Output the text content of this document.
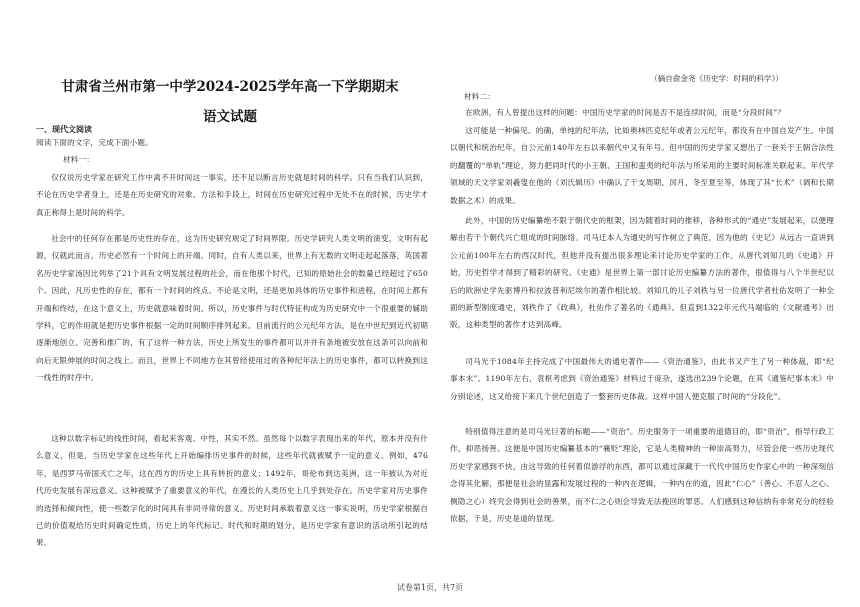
甘肃省兰州市第一中学2024-2025学年高一下学期期末
语文试题
一、现代文阅读

阅读下面的文字，完成下面小题。

材料一：

仅仅说历史学家在研究工作中离不开时间这一事实，还不足以断言历史就是时间的科学。只有当我们认识到，不论在历史学者身上，还是在历史研究的对象、方法和手段上，时间在历史研究过程中无处不在的时候，历史学才真正称得上是时间的科学。

社会中的任何存在都是历史性的存在，这为历史研究规定了时间界限。历史学研究人类文明的演变，文明有起源，仅就此而言，历史必然有一个时间上的开端。同时，自有人类以来，世界上有无数的文明走起起落落，英国著名历史学家汤因比列举了21个具有文明发展过程的社会，而在他那个时代，已知的原始社会的数量已经超过了650个。因此，凡历史性的存在，都有一个时间的终点。不论是文明，还是更加具体的历史事件和进程，在时间上都有开端和终结，在这个意义上，历史就意味着时间。所以，历史事件与时代特征构成为历史研究中一个很重要的辅助学科，它的作用就是把历史事件根据一定的时间顺序排列起来。目前流行的公元纪年方法，是在中世纪到近代初期逐渐地创立、完善和推广的，有了这样一种方法，历史上所发生的事件都可以井井有条地被安放在这条可以向前和向后无限伸展的时间之线上。而且，世界上不同地方在其曾经使用过的各种纪年法上的历史事件，都可以转换到这一线性的时序中。

这种以数字标记的线性时间，看起来客观、中性，其实不然。虽然每个以数字表现出来的年代，原本并没有什么意义，但是，当历史学家在这些年代上开始编排历史事件的时候，这些年代就被赋予一定的意义。例如，476年，是西罗马帝国灭亡之年，这在西方的历史上具有转折的意义；1492年，哥伦布到达美洲，这一年被认为对近代历史发展有深远意义。这种被赋予了重要意义的年代，在漫长的人类历史上几乎到处存在。历史学家对历史事件的选择和倾向性，使一些数字化的时间具有非同寻常的意义。历史时间承载着意义这一事实说明，历史学家根据自己的价值观给历史时间确定性质，历史上的年代标记、时代和时期的划分，是历史学家有意识的活动所引起的结果。

（摘自俞金尧《历史学：时间的科学》）

材料二：

在欧洲，有人曾提出这样的问题：中国历史学家的时间是否不是连续时间，而是“分段时间”？

这可能是一种偏见。的确，单纯的纪年法，比如奥林匹克纪年或者公元纪年，都没有在中国自发产生。中国以朝代和统治纪年，自公元前140年左右以来朝代中又有年号。但中国的历史学家又想出了一套关于王朝合法性的翻覆的“单轨”理论，努力把同时代的小王朝、王国和蛮夷的纪年法与所采用的主要时间标准关联起来。年代学领域的天文学家刘羲叟在他的《刘氏辑历》中确认了干支周期、闰月、冬至夏至等，体现了其“长术”（调和长期数据之术）的成果。

此外，中国的历史编纂绝不限于朝代史的框架，因为随着时间的推移，各种形式的“通史”发展起来，以便理解由若干个朝代兴亡组成的时间脉络。司马迁本人为通史的写作树立了典范，因为他的《史记》从远古一直讲到公元前100年左右的西汉时代，但他并没有提出很多理论来讨论历史学家的工作。从唐代刘知几的《史通》开始，历史哲学才得到了精彩的研究。《史通》是世界上第一部讨论历史编纂方法的著作，很值得与八个半世纪以后的欧洲史学先驱博丹和拉波普利尼埃尔的著作相比较。刘知几的儿子刘秩与另一位唐代学者杜佑发明了一种全面的新型制度通史，刘秩作了《政典》，杜佑作了著名的《通典》。但直到1322年元代马端临的《文献通考》出版，这种类型的著作才达到高峰。

司马光于1084年主持完成了中国最伟大的通史著作——《资治通鉴》，由此书又产生了另一种体裁，即“纪事本末”。1190年左右，袁枢考虑到《资治通鉴》材料过于庞杂，遂选出239个论题，在其《通鉴纪事本末》中分别论述，这又给接下来几个世纪创造了一整套历史体裁。这样中国人便克服了时间的“分段化”。

特别值得注意的是司马光巨著的标题——“资治”。历史服务于一项重要的道德目的，即“资治”，指导行政工作，抑恶扬善。这便是中国历史编纂基本的“襄贬”理论，它是人类精神的一种崇高努力，尽管会使一些历史现代历史学家感到不快，由这导致的任何着似游浮的东西，都可以通过深藏于一代代中国历史作家心中的一种深刻信念得其化解，那便是社会的显露和发展过程的一种内在逻辑，一种内在的道，因此“仁心”（善心、不忍人之心、侧隐之心）终究会得到社会的善果，而不仁之心则会导致无法挽回的罪恶。人们感到这种信纳有非常充分的经验依据，于是，历史是道的显现。

试卷第1页，共7页
